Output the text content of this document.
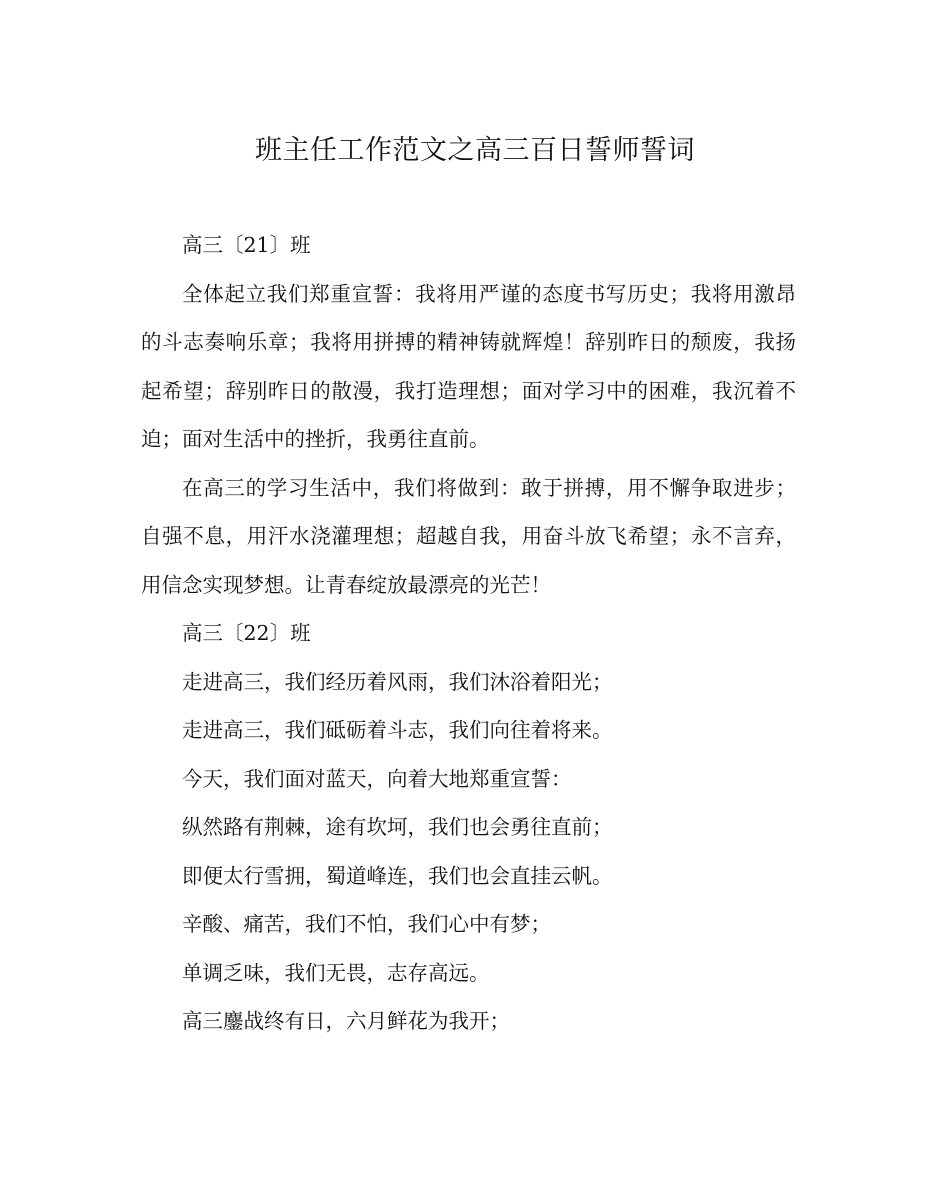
班主任工作范文之高三百日誓师誓词

高三〔21〕班

全体起立我们郑重宣誓：我将用严谨的态度书写历史；我将用激昂的斗志奏响乐章；我将用拼搏的精神铸就辉煌！辞别昨日的颓废，我扬起希望；辞别昨日的散漫，我打造理想；面对学习中的困难，我沉着不迫；面对生活中的挫折，我勇往直前。

在高三的学习生活中，我们将做到：敢于拼搏，用不懈争取进步；自强不息，用汗水浇灌理想；超越自我，用奋斗放飞希望；永不言弃，用信念实现梦想。让青春绽放最漂亮的光芒！

高三〔22〕班

走进高三，我们经历着风雨，我们沐浴着阳光；

走进高三，我们砥砺着斗志，我们向往着将来。

今天，我们面对蓝天，向着大地郑重宣誓：

纵然路有荆棘，途有坎坷，我们也会勇往直前；

即便太行雪拥，蜀道峰连，我们也会直挂云帆。

辛酸、痛苦，我们不怕，我们心中有梦；

单调乏味，我们无畏，志存高远。

高三鏖战终有日，六月鲜花为我开；
